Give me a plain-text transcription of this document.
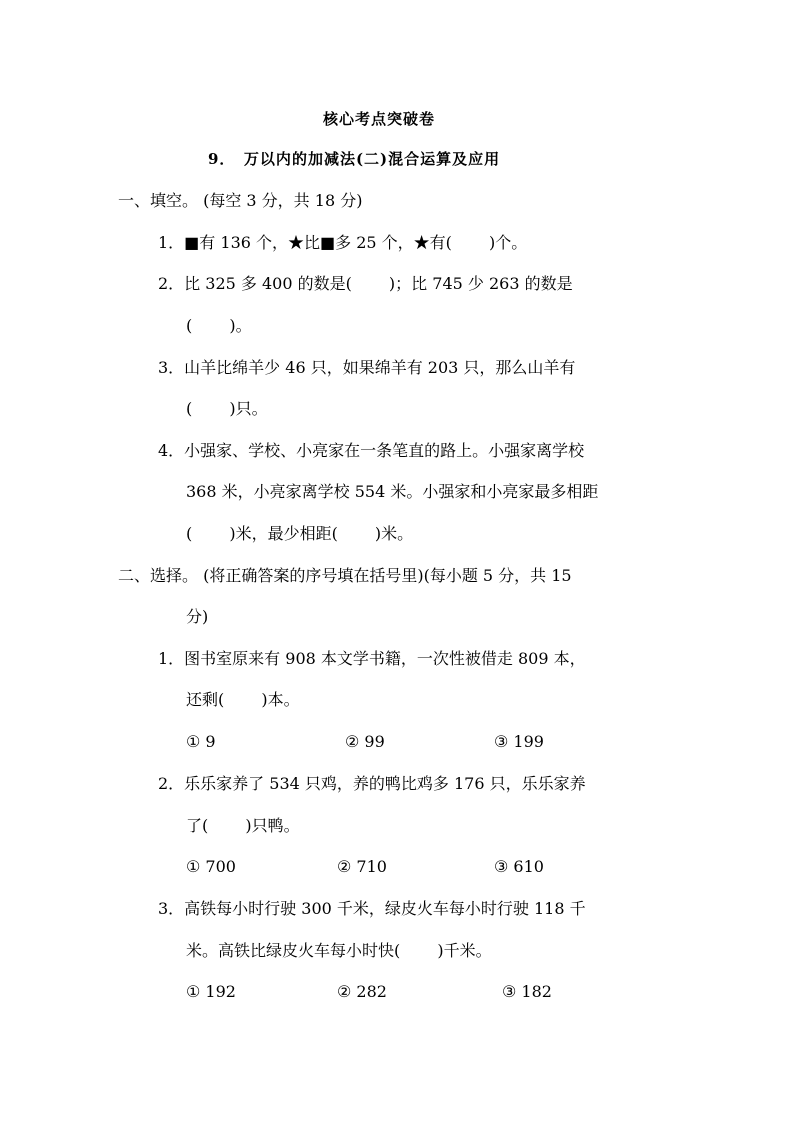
核心考点突破卷
9．　万以内的加减法(二)混合运算及应用
一、填空。 (每空 3 分，共 18 分)
1．■有 136 个，★比■多 25 个，★有(　　 )个。
2．比 325 多 400 的数是(　　 )；比 745 少 263 的数是
(　　 )。
3．山羊比绵羊少 46 只，如果绵羊有 203 只，那么山羊有
(　　 )只。
4．小强家、学校、小亮家在一条笔直的路上。小强家离学校
368 米，小亮家离学校 554 米。小强家和小亮家最多相距
(　　 )米，最少相距(　　 )米。
二、选择。 (将正确答案的序号填在括号里)(每小题 5 分，共 15
分)
1．图书室原来有 908 本文学书籍，一次性被借走 809 本，
还剩(　　 )本。
① 9	② 99	③ 199
2．乐乐家养了 534 只鸡，养的鸭比鸡多 176 只，乐乐家养
了(　　 )只鸭。
① 700	② 710	③ 610
3．高铁每小时行驶 300 千米，绿皮火车每小时行驶 118 千
米。高铁比绿皮火车每小时快(　　 )千米。
① 192	② 282	③ 182
